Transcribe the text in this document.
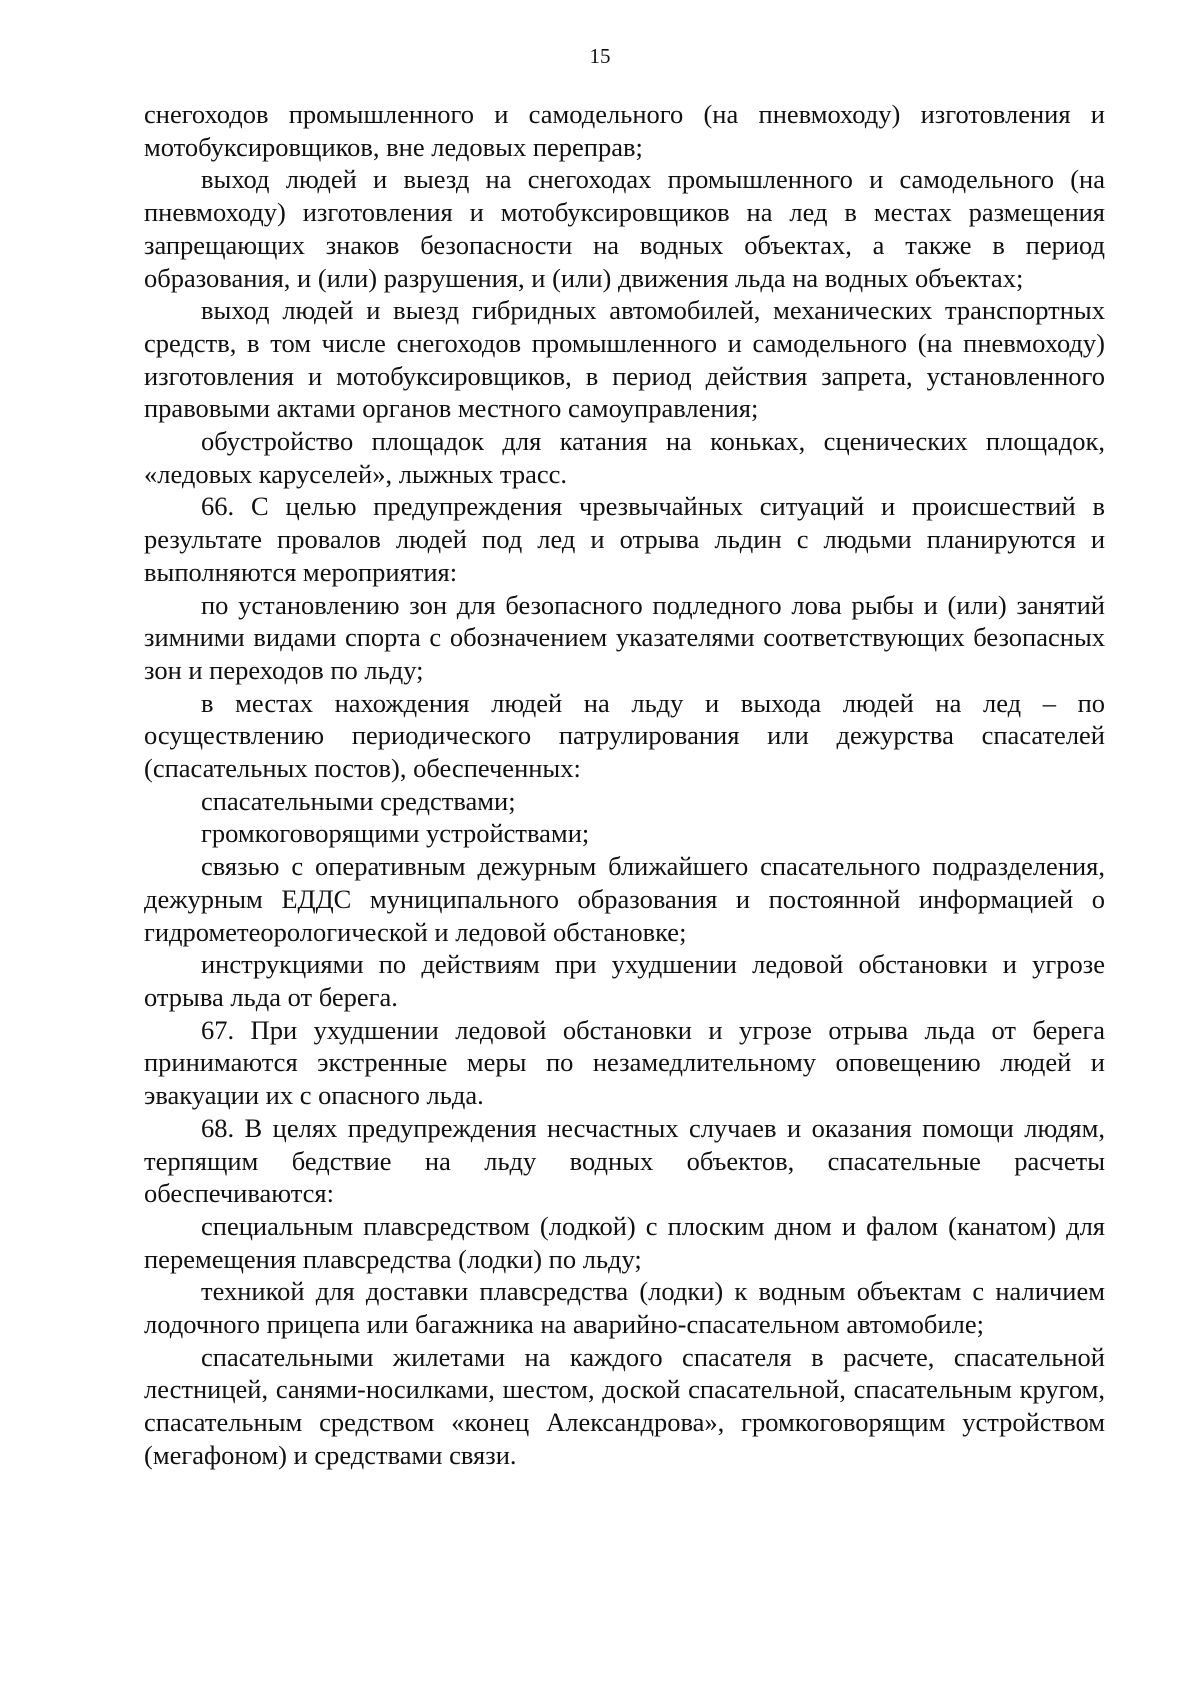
15

снегоходов промышленного и самодельного (на пневмоходу) изготовления и мотобуксировщиков, вне ледовых переправ;

выход людей и выезд на снегоходах промышленного и самодельного (на пневмоходу) изготовления и мотобуксировщиков на лед в местах размещения запрещающих знаков безопасности на водных объектах, а также в период образования, и (или) разрушения, и (или) движения льда на водных объектах;

выход людей и выезд гибридных автомобилей, механических транспортных средств, в том числе снегоходов промышленного и самодельного (на пневмоходу) изготовления и мотобуксировщиков, в период действия запрета, установленного правовыми актами органов местного самоуправления;

обустройство площадок для катания на коньках, сценических площадок, «ледовых каруселей», лыжных трасс.

66. С целью предупреждения чрезвычайных ситуаций и происшествий в результате провалов людей под лед и отрыва льдин с людьми планируются и выполняются мероприятия:

по установлению зон для безопасного подледного лова рыбы и (или) занятий зимними видами спорта с обозначением указателями соответствующих безопасных зон и переходов по льду;

в местах нахождения людей на льду и выхода людей на лед – по осуществлению периодического патрулирования или дежурства спасателей (спасательных постов), обеспеченных:

спасательными средствами;

громкоговорящими устройствами;

связью с оперативным дежурным ближайшего спасательного подразделения, дежурным ЕДДС муниципального образования и постоянной информацией о гидрометеорологической и ледовой обстановке;

инструкциями по действиям при ухудшении ледовой обстановки и угрозе отрыва льда от берега.

67. При ухудшении ледовой обстановки и угрозе отрыва льда от берега принимаются экстренные меры по незамедлительному оповещению людей и эвакуации их с опасного льда.

68. В целях предупреждения несчастных случаев и оказания помощи людям, терпящим бедствие на льду водных объектов, спасательные расчеты обеспечиваются:

специальным плавсредством (лодкой) с плоским дном и фалом (канатом) для перемещения плавсредства (лодки) по льду;

техникой для доставки плавсредства (лодки) к водным объектам с наличием лодочного прицепа или багажника на аварийно-спасательном автомобиле;

спасательными жилетами на каждого спасателя в расчете, спасательной лестницей, санями-носилками, шестом, доской спасательной, спасательным кругом, спасательным средством «конец Александрова», громкоговорящим устройством (мегафоном) и средствами связи.
